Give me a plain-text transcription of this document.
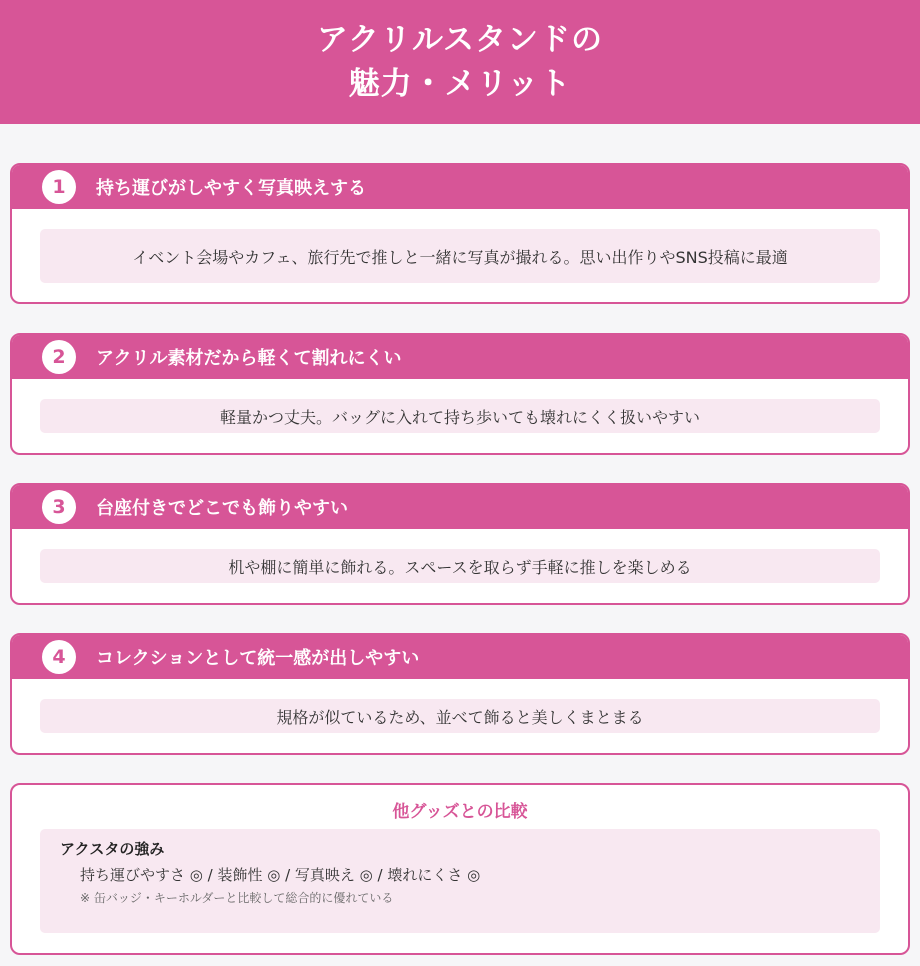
アクリルスタンドの
魅力・メリット
1	持ち運びがしやすく写真映えする
イベント会場やカフェ、旅行先で推しと一緒に写真が撮れる。思い出作りやSNS投稿に最適
2	アクリル素材だから軽くて割れにくい
軽量かつ丈夫。バッグに入れて持ち歩いても壊れにくく扱いやすい
3	台座付きでどこでも飾りやすい
机や棚に簡単に飾れる。スペースを取らず手軽に推しを楽しめる
4	コレクションとして統一感が出しやすい
規格が似ているため、並べて飾ると美しくまとまる
他グッズとの比較
アクスタの強み
持ち運びやすさ ◎ / 装飾性 ◎ / 写真映え ◎ / 壊れにくさ ◎
※ 缶バッジ・キーホルダーと比較して総合的に優れている
